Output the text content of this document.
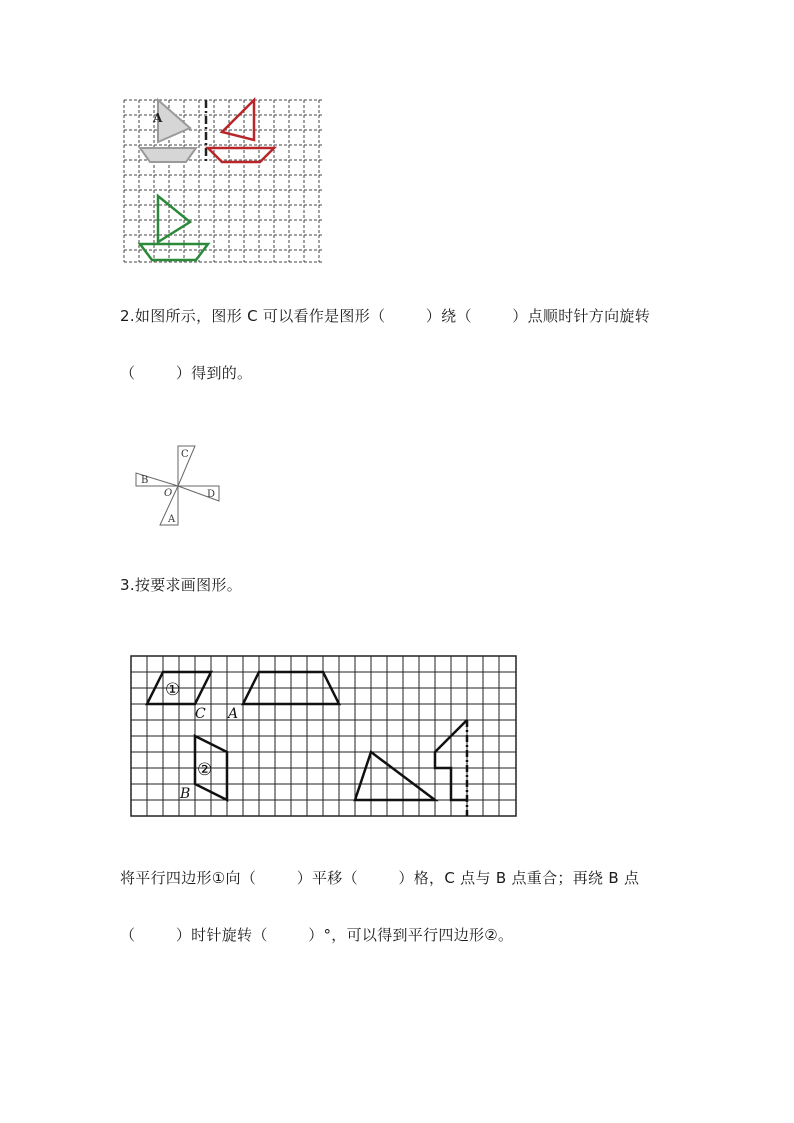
A
2.如图所示，图形 C 可以看作是图形（        ）绕（        ）点顺时针方向旋转
（        ）得到的。
C
B
O	D
A
3.按要求画图形。
①
②
C A
B
将平行四边形①向（        ）平移（        ）格，C 点与 B 点重合；再绕 B 点
（        ）时针旋转（        ）°，可以得到平行四边形②。
